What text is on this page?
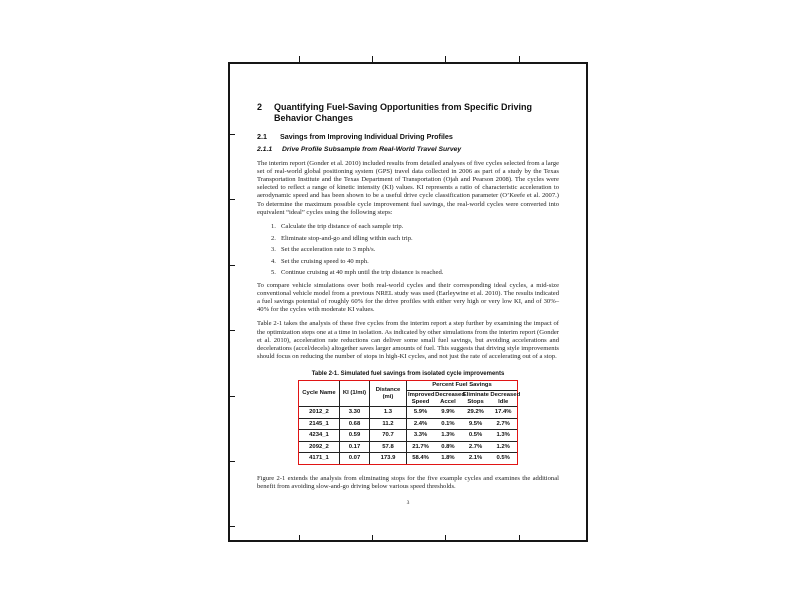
2	Quantifying Fuel-Saving Opportunities from Specific Driving Behavior Changes
2.1	Savings from Improving Individual Driving Profiles
2.1.1	Drive Profile Subsample from Real-World Travel Survey

The interim report (Gonder et al. 2010) included results from detailed analyses of five cycles selected from a large set of real-world global positioning system (GPS) travel data collected in 2006 as part of a study by the Texas Transportation Institute and the Texas Department of Transportation (Ojah and Pearson 2008). The cycles were selected to reflect a range of kinetic intensity (KI) values. KI represents a ratio of characteristic acceleration to aerodynamic speed and has been shown to be a useful drive cycle classification parameter (O’Keefe et al. 2007.) To determine the maximum possible cycle improvement fuel savings, the real-world cycles were converted into equivalent “ideal” cycles using the following steps:

1. Calculate the trip distance of each sample trip.
2. Eliminate stop-and-go and idling within each trip.
3. Set the acceleration rate to 3 mph/s.
4. Set the cruising speed to 40 mph.
5. Continue cruising at 40 mph until the trip distance is reached.

To compare vehicle simulations over both real-world cycles and their corresponding ideal cycles, a mid-size conventional vehicle model from a previous NREL study was used (Earleywine et al. 2010). The results indicated a fuel savings potential of roughly 60% for the drive profiles with either very high or very low KI, and of 30%–40% for the cycles with moderate KI values.

Table 2-1 takes the analysis of these five cycles from the interim report a step further by examining the impact of the optimization steps one at a time in isolation. As indicated by other simulations from the interim report (Gonder et al. 2010), acceleration rate reductions can deliver some small fuel savings, but avoiding accelerations and decelerations (accel/decels) altogether saves larger amounts of fuel. This suggests that driving style improvements should focus on reducing the number of stops in high-KI cycles, and not just the rate of accelerating out of a stop.

Table 2-1. Simulated fuel savings from isolated cycle improvements
Cycle Name	KI (1/mi)	Distance (mi)	Percent Fuel Savings			
			Improved Speed	Decreased Accel	Eliminate Stops	Decreased Idle
2012_2	3.30	1.3	5.9%	9.9%	29.2%	17.4%
2145_1	0.68	11.2	2.4%	0.1%	9.5%	2.7%
4234_1	0.59	70.7	3.3%	1.3%	0.5%	1.3%
2092_2	0.17	57.8	21.7%	0.8%	2.7%	1.2%
4171_1	0.07	173.9	58.4%	1.8%	2.1%	0.5%

Figure 2-1 extends the analysis from eliminating stops for the five example cycles and examines the additional benefit from avoiding slow-and-go driving below various speed thresholds.

3
